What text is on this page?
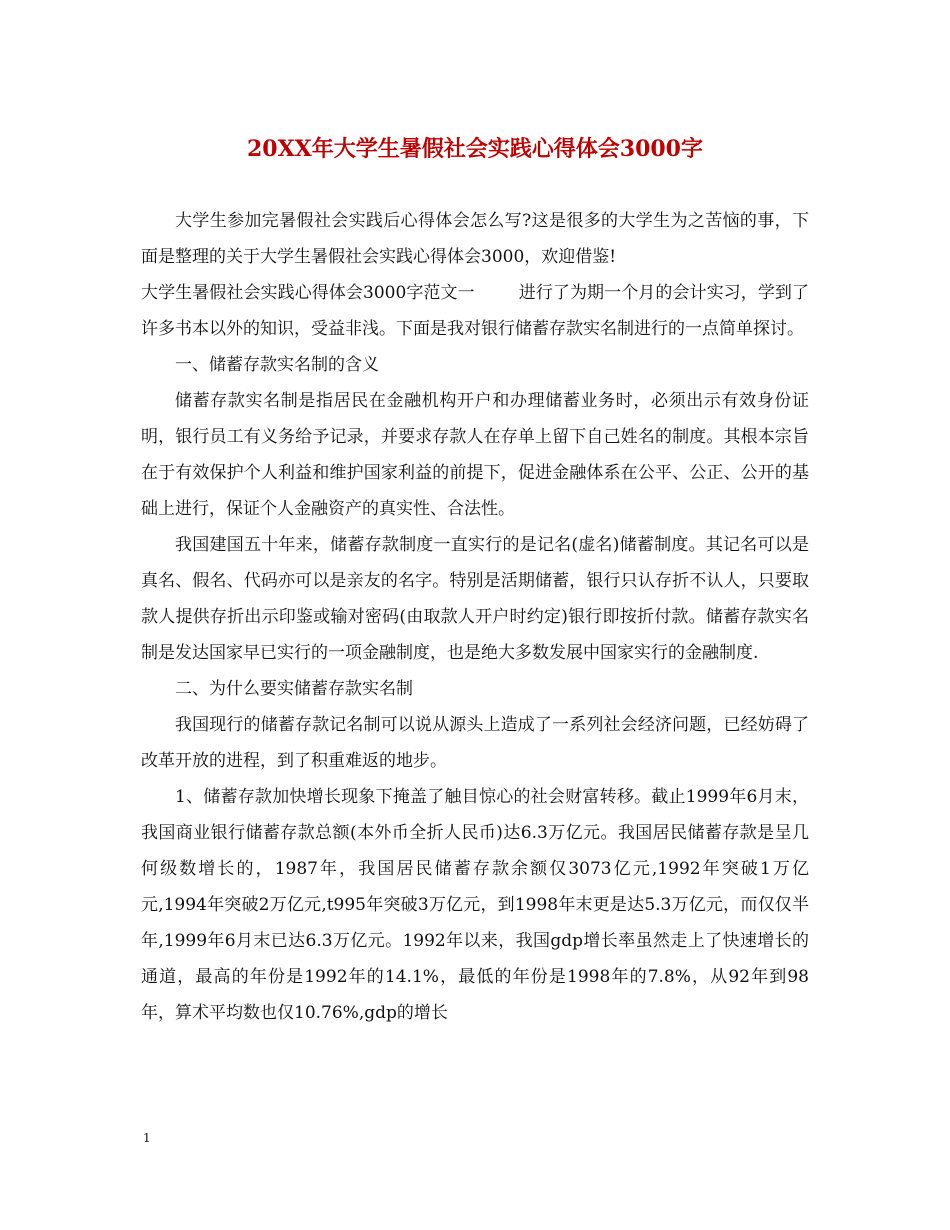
20XX年大学生暑假社会实践心得体会3000字

大学生参加完暑假社会实践后心得体会怎么写?这是很多的大学生为之苦恼的事，下面是整理的关于大学生暑假社会实践心得体会3000，欢迎借鉴!

大学生暑假社会实践心得体会3000字范文一	进行了为期一个月的会计实习，学到了许多书本以外的知识，受益非浅。下面是我对银行储蓄存款实名制进行的一点简单探讨。

一、储蓄存款实名制的含义

储蓄存款实名制是指居民在金融机构开户和办理储蓄业务时，必须出示有效身份证明，银行员工有义务给予记录，并要求存款人在存单上留下自己姓名的制度。其根本宗旨在于有效保护个人利益和维护国家利益的前提下，促进金融体系在公平、公正、公开的基础上进行，保证个人金融资产的真实性、合法性。

我国建国五十年来，储蓄存款制度一直实行的是记名(虚名)储蓄制度。其记名可以是真名、假名、代码亦可以是亲友的名字。特别是活期储蓄，银行只认存折不认人，只要取款人提供存折出示印鉴或输对密码(由取款人开户时约定)银行即按折付款。储蓄存款实名制是发达国家早已实行的一项金融制度，也是绝大多数发展中国家实行的金融制度.

二、为什么要实储蓄存款实名制

我国现行的储蓄存款记名制可以说从源头上造成了一系列社会经济问题，已经妨碍了改革开放的进程，到了积重难返的地步。

1、储蓄存款加快增长现象下掩盖了触目惊心的社会财富转移。截止1999年6月末，我国商业银行储蓄存款总额(本外币全折人民币)达6.3万亿元。我国居民储蓄存款是呈几何级数增长的，1987年，我国居民储蓄存款余额仅3073亿元,1992年突破1万亿元,1994年突破2万亿元,t995年突破3万亿元，到1998年末更是达5.3万亿元，而仅仅半年,1999年6月末已达6.3万亿元。1992年以来，我国gdp增长率虽然走上了快速增长的通道，最高的年份是1992年的14.1%，最低的年份是1998年的7.8%，从92年到98年，算术平均数也仅10.76%,gdp的增长

1
